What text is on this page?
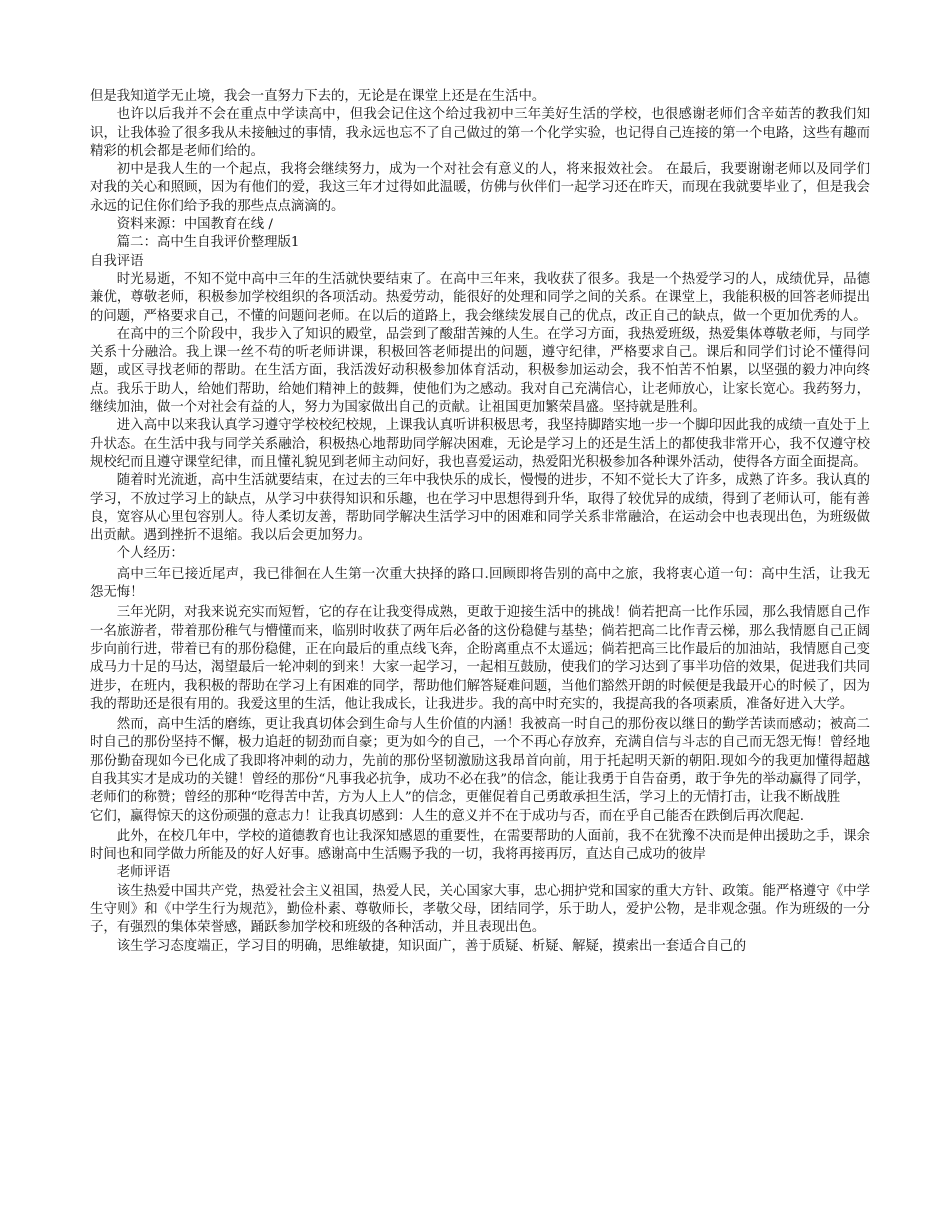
但是我知道学无止境，我会一直努力下去的，无论是在课堂上还是在生活中。

也许以后我并不会在重点中学读高中，但我会记住这个给过我初中三年美好生活的学校，也很感谢老师们含辛茹苦的教我们知识，让我体验了很多我从未接触过的事情，我永远也忘不了自己做过的第一个化学实验，也记得自己连接的第一个电路，这些有趣而精彩的机会都是老师们给的。

初中是我人生的一个起点，我将会继续努力，成为一个对社会有意义的人，将来报效社会。 在最后，我要谢谢老师以及同学们对我的关心和照顾，因为有他们的爱，我这三年才过得如此温暖，仿佛与伙伴们一起学习还在昨天，而现在我就要毕业了，但是我会永远的记住你们给予我的那些点点滴滴的。

资料来源：中国教育在线 /

篇二：高中生自我评价整理版1

自我评语

时光易逝，不知不觉中高中三年的生活就快要结束了。在高中三年来，我收获了很多。我是一个热爱学习的人，成绩优异，品德兼优，尊敬老师，积极参加学校组织的各项活动。热爱劳动，能很好的处理和同学之间的关系。在课堂上，我能积极的回答老师提出的问题，严格要求自己，不懂的问题问老师。在以后的道路上，我会继续发展自己的优点，改正自己的缺点，做一个更加优秀的人。

在高中的三个阶段中，我步入了知识的殿堂，品尝到了酸甜苦辣的人生。在学习方面，我热爱班级，热爱集体尊敬老师，与同学关系十分融洽。我上课一丝不苟的听老师讲课，积极回答老师提出的问题，遵守纪律，严格要求自己。课后和同学们讨论不懂得问题，或区寻找老师的帮助。在生活方面，我活泼好动积极参加体育活动，积极参加运动会，我不怕苦不怕累，以坚强的毅力冲向终点。我乐于助人，给她们帮助，给她们精神上的鼓舞，使他们为之感动。我对自己充满信心，让老师放心，让家长宽心。我药努力，继续加油，做一个对社会有益的人，努力为国家做出自己的贡献。让祖国更加繁荣昌盛。坚持就是胜利。

进入高中以来我认真学习遵守学校校纪校规，上课我认真听讲积极思考，我坚持脚踏实地一步一个脚印因此我的成绩一直处于上升状态。在生活中我与同学关系融洽，积极热心地帮助同学解决困难，无论是学习上的还是生活上的都使我非常开心，我不仅遵守校规校纪而且遵守课堂纪律，而且懂礼貌见到老师主动问好，我也喜爱运动，热爱阳光积极参加各种课外活动，使得各方面全面提高。

随着时光流逝，高中生活就要结束，在过去的三年中我快乐的成长，慢慢的进步，不知不觉长大了许多，成熟了许多。我认真的学习，不放过学习上的缺点，从学习中获得知识和乐趣，也在学习中思想得到升华，取得了较优异的成绩，得到了老师认可，能有善良，宽容从心里包容别人。待人柔切友善，帮助同学解决生活学习中的困难和同学关系非常融洽，在运动会中也表现出色，为班级做出贡献。遇到挫折不退缩。我以后会更加努力。

个人经历：

高中三年已接近尾声，我已徘徊在人生第一次重大抉择的路口.回顾即将告别的高中之旅，我将衷心道一句：高中生活，让我无怨无悔！

三年光阴，对我来说充实而短暂，它的存在让我变得成熟，更敢于迎接生活中的挑战！倘若把高一比作乐园，那么我情愿自己作一名旅游者，带着那份稚气与懵懂而来，临别时收获了两年后必备的这份稳健与基垫；倘若把高二比作青云梯，那么我情愿自己正阔步向前行进，带着已有的那份稳健，正在向最后的重点线飞奔，企盼离重点不太遥远；倘若把高三比作最后的加油站，我情愿自己变成马力十足的马达，渴望最后一轮冲刺的到来！大家一起学习，一起相互鼓励，使我们的学习达到了事半功倍的效果，促进我们共同进步，在班内，我积极的帮助在学习上有困难的同学，帮助他们解答疑难问题，当他们豁然开朗的时候便是我最开心的时候了，因为我的帮助还是很有用的。我爱这里的生活，他让我成长，让我进步。我的高中时充实的，我提高我的各项素质，准备好进入大学。

然而，高中生活的磨练，更让我真切体会到生命与人生价值的内涵！我被高一时自己的那份夜以继日的勤学苦读而感动；被高二时自己的那份坚持不懈，极力追赶的韧劲而自豪；更为如今的自己，一个不再心存放弃，充满自信与斗志的自己而无怨无悔！曾经地那份勤奋现如今已化成了我即将冲刺的动力，先前的那份坚韧激励这我昂首向前，用于托起明天新的朝阳.现如今的我更加懂得超越自我其实才是成功的关键！曾经的那份“凡事我必抗争，成功不必在我”的信念，能让我勇于自告奋勇，敢于争先的举动赢得了同学，老师们的称赞；曾经的那种“吃得苦中苦，方为人上人”的信念，更催促着自己勇敢承担生活，学习上的无情打击，让我不断战胜

它们，赢得惊天的这份顽强的意志力！让我真切感到：人生的意义并不在于成功与否，而在乎自己能否在跌倒后再次爬起.

此外，在校几年中，学校的道德教育也让我深知感恩的重要性，在需要帮助的人面前，我不在犹豫不决而是伸出援助之手，课余时间也和同学做力所能及的好人好事。感谢高中生活赐予我的一切，我将再接再厉，直达自己成功的彼岸

老师评语

该生热爱中国共产党，热爱社会主义祖国，热爱人民，关心国家大事，忠心拥护党和国家的重大方针、政策。能严格遵守《中学生守则》和《中学生行为规范》，勤俭朴素、尊敬师长，孝敬父母，团结同学，乐于助人，爱护公物，是非观念强。作为班级的一分子，有强烈的集体荣誉感，踊跃参加学校和班级的各种活动，并且表现出色。

该生学习态度端正，学习目的明确，思维敏捷，知识面广，善于质疑、析疑、解疑，摸索出一套适合自己的
